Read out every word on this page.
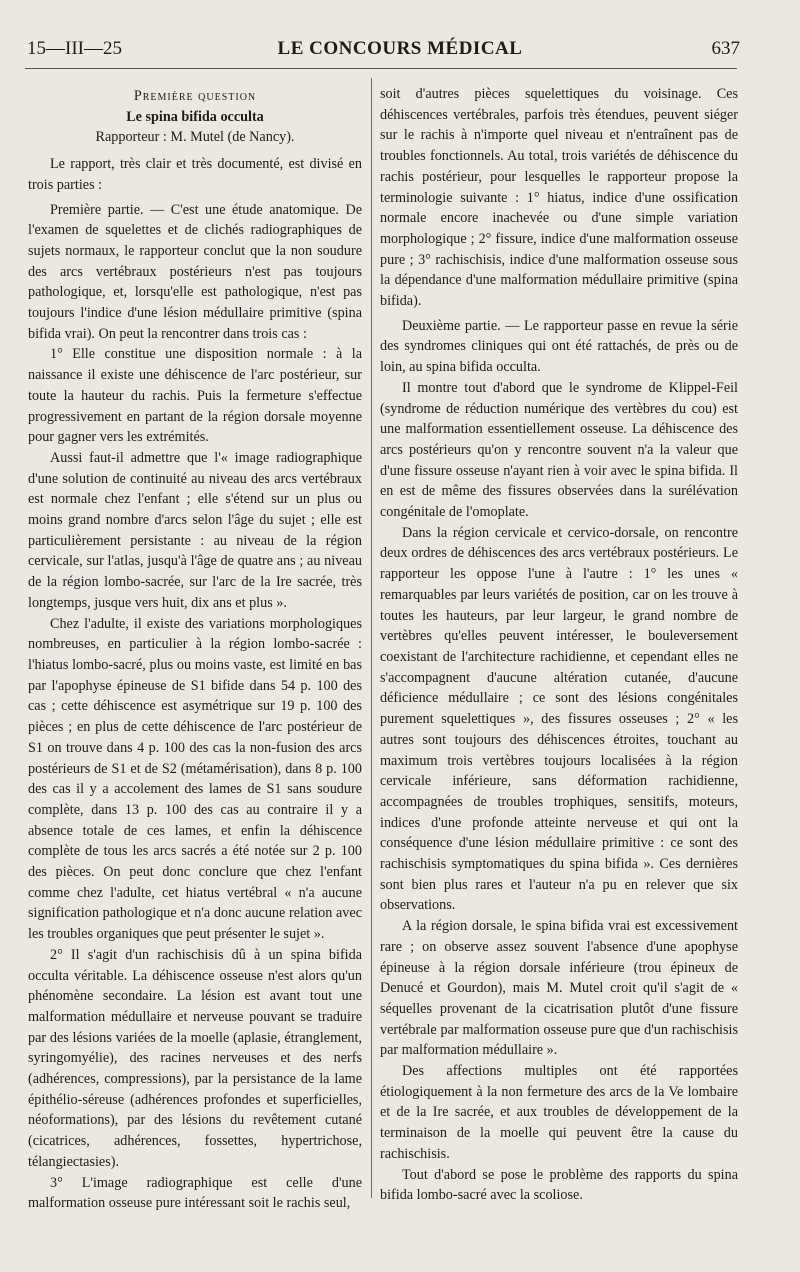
15—III—25	LE CONCOURS MÉDICAL	637

Première question

Le spina bifida occulta

Rapporteur : M. Mutel (de Nancy).

Le rapport, très clair et très documenté, est divisé en trois parties :

Première partie. — C'est une étude anatomique. De l'examen de squelettes et de clichés radiographiques de sujets normaux, le rapporteur conclut que la non soudure des arcs vertébraux postérieurs n'est pas toujours pathologique, et, lorsqu'elle est pathologique, n'est pas toujours l'indice d'une lésion médullaire primitive (spina bifida vrai). On peut la rencontrer dans trois cas :

1° Elle constitue une disposition normale : à la naissance il existe une déhiscence de l'arc postérieur, sur toute la hauteur du rachis. Puis la fermeture s'effectue progressivement en partant de la région dorsale moyenne pour gagner vers les extrémités.

Aussi faut-il admettre que l'« image radiographique d'une solution de continuité au niveau des arcs vertébraux est normale chez l'enfant ; elle s'étend sur un plus ou moins grand nombre d'arcs selon l'âge du sujet ; elle est particulièrement persistante : au niveau de la région cervicale, sur l'atlas, jusqu'à l'âge de quatre ans ; au niveau de la région lombo-sacrée, sur l'arc de la Ire sacrée, très longtemps, jusque vers huit, dix ans et plus ».

Chez l'adulte, il existe des variations morphologiques nombreuses, en particulier à la région lombo-sacrée : l'hiatus lombo-sacré, plus ou moins vaste, est limité en bas par l'apophyse épineuse de S1 bifide dans 54 p. 100 des cas ; cette déhiscence est asymétrique sur 19 p. 100 des pièces ; en plus de cette déhiscence de l'arc postérieur de S1 on trouve dans 4 p. 100 des cas la non-fusion des arcs postérieurs de S1 et de S2 (métamérisation), dans 8 p. 100 des cas il y a accolement des lames de S1 sans soudure complète, dans 13 p. 100 des cas au contraire il y a absence totale de ces lames, et enfin la déhiscence complète de tous les arcs sacrés a été notée sur 2 p. 100 des pièces. On peut donc conclure que chez l'enfant comme chez l'adulte, cet hiatus vertébral « n'a aucune signification pathologique et n'a donc aucune relation avec les troubles organiques que peut présenter le sujet ».

2° Il s'agit d'un rachischisis dû à un spina bifida occulta véritable. La déhiscence osseuse n'est alors qu'un phénomène secondaire. La lésion est avant tout une malformation médullaire et nerveuse pouvant se traduire par des lésions variées de la moelle (aplasie, étranglement, syringomyélie), des racines nerveuses et des nerfs (adhérences, compressions), par la persistance de la lame épithélio-séreuse (adhérences profondes et superficielles, néoformations), par des lésions du revêtement cutané (cicatrices, adhérences, fossettes, hypertrichose, télangiectasies).

3° L'image radiographique est celle d'une malformation osseuse pure intéressant soit le rachis seul,

soit d'autres pièces squelettiques du voisinage. Ces déhiscences vertébrales, parfois très étendues, peuvent siéger sur le rachis à n'importe quel niveau et n'entraînent pas de troubles fonctionnels. Au total, trois variétés de déhiscence du rachis postérieur, pour lesquelles le rapporteur propose la terminologie suivante : 1° hiatus, indice d'une ossification normale encore inachevée ou d'une simple variation morphologique ; 2° fissure, indice d'une malformation osseuse pure ; 3° rachischisis, indice d'une malformation osseuse sous la dépendance d'une malformation médullaire primitive (spina bifida).

Deuxième partie. — Le rapporteur passe en revue la série des syndromes cliniques qui ont été rattachés, de près ou de loin, au spina bifida occulta.

Il montre tout d'abord que le syndrome de Klippel-Feil (syndrome de réduction numérique des vertèbres du cou) est une malformation essentiellement osseuse. La déhiscence des arcs postérieurs qu'on y rencontre souvent n'a la valeur que d'une fissure osseuse n'ayant rien à voir avec le spina bifida. Il en est de même des fissures observées dans la surélévation congénitale de l'omoplate.

Dans la région cervicale et cervico-dorsale, on rencontre deux ordres de déhiscences des arcs vertébraux postérieurs. Le rapporteur les oppose l'une à l'autre : 1° les unes « remarquables par leurs variétés de position, car on les trouve à toutes les hauteurs, par leur largeur, le grand nombre de vertèbres qu'elles peuvent intéresser, le bouleversement coexistant de l'architecture rachidienne, et cependant elles ne s'accompagnent d'aucune altération cutanée, d'aucune déficience médullaire ; ce sont des lésions congénitales purement squelettiques », des fissures osseuses ; 2° « les autres sont toujours des déhiscences étroites, touchant au maximum trois vertèbres toujours localisées à la région cervicale inférieure, sans déformation rachidienne, accompagnées de troubles trophiques, sensitifs, moteurs, indices d'une profonde atteinte nerveuse et qui ont la conséquence d'une lésion médullaire primitive : ce sont des rachischisis symptomatiques du spina bifida ». Ces dernières sont bien plus rares et l'auteur n'a pu en relever que six observations.

A la région dorsale, le spina bifida vrai est excessivement rare ; on observe assez souvent l'absence d'une apophyse épineuse à la région dorsale inférieure (trou épineux de Denucé et Gourdon), mais M. Mutel croit qu'il s'agit de « séquelles provenant de la cicatrisation plutôt d'une fissure vertébrale par malformation osseuse pure que d'un rachischisis par malformation médullaire ».

Des affections multiples ont été rapportées étiologiquement à la non fermeture des arcs de la Ve lombaire et de la Ire sacrée, et aux troubles de développement de la terminaison de la moelle qui peuvent être la cause du rachischisis.

Tout d'abord se pose le problème des rapports du spina bifida lombo-sacré avec la scoliose.
